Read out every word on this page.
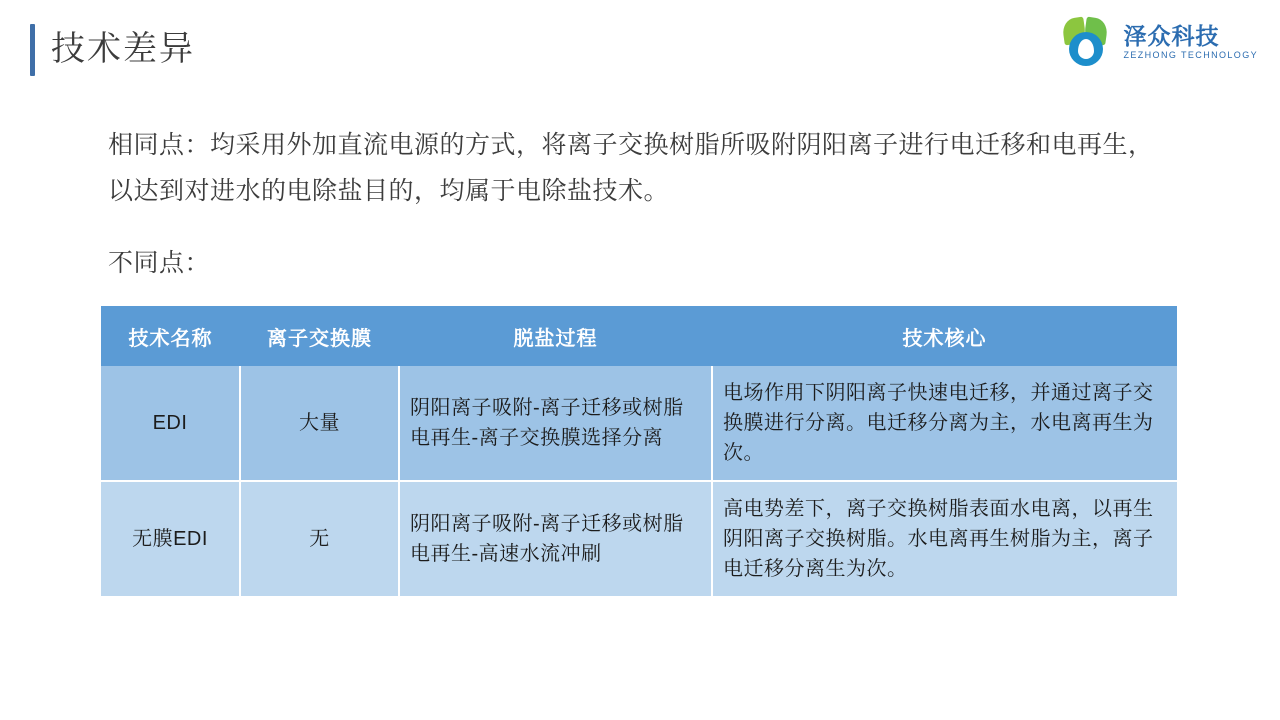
技术差异	泽众科技
ZEZHONG TECHNOLOGY
相同点：均采用外加直流电源的方式，将离子交换树脂所吸附阴阳离子进行电迁移和电再生，以达到对进水的电除盐目的，均属于电除盐技术。
不同点：
技术名称	离子交换膜	脱盐过程	技术核心
EDI	大量	阴阳离子吸附-离子迁移或树脂电再生-离子交换膜选择分离	电场作用下阴阳离子快速电迁移，并通过离子交换膜进行分离。电迁移分离为主，水电离再生为次。
无膜EDI	无	阴阳离子吸附-离子迁移或树脂电再生-高速水流冲刷	高电势差下，离子交换树脂表面水电离，以再生阴阳离子交换树脂。水电离再生树脂为主，离子电迁移分离生为次。
